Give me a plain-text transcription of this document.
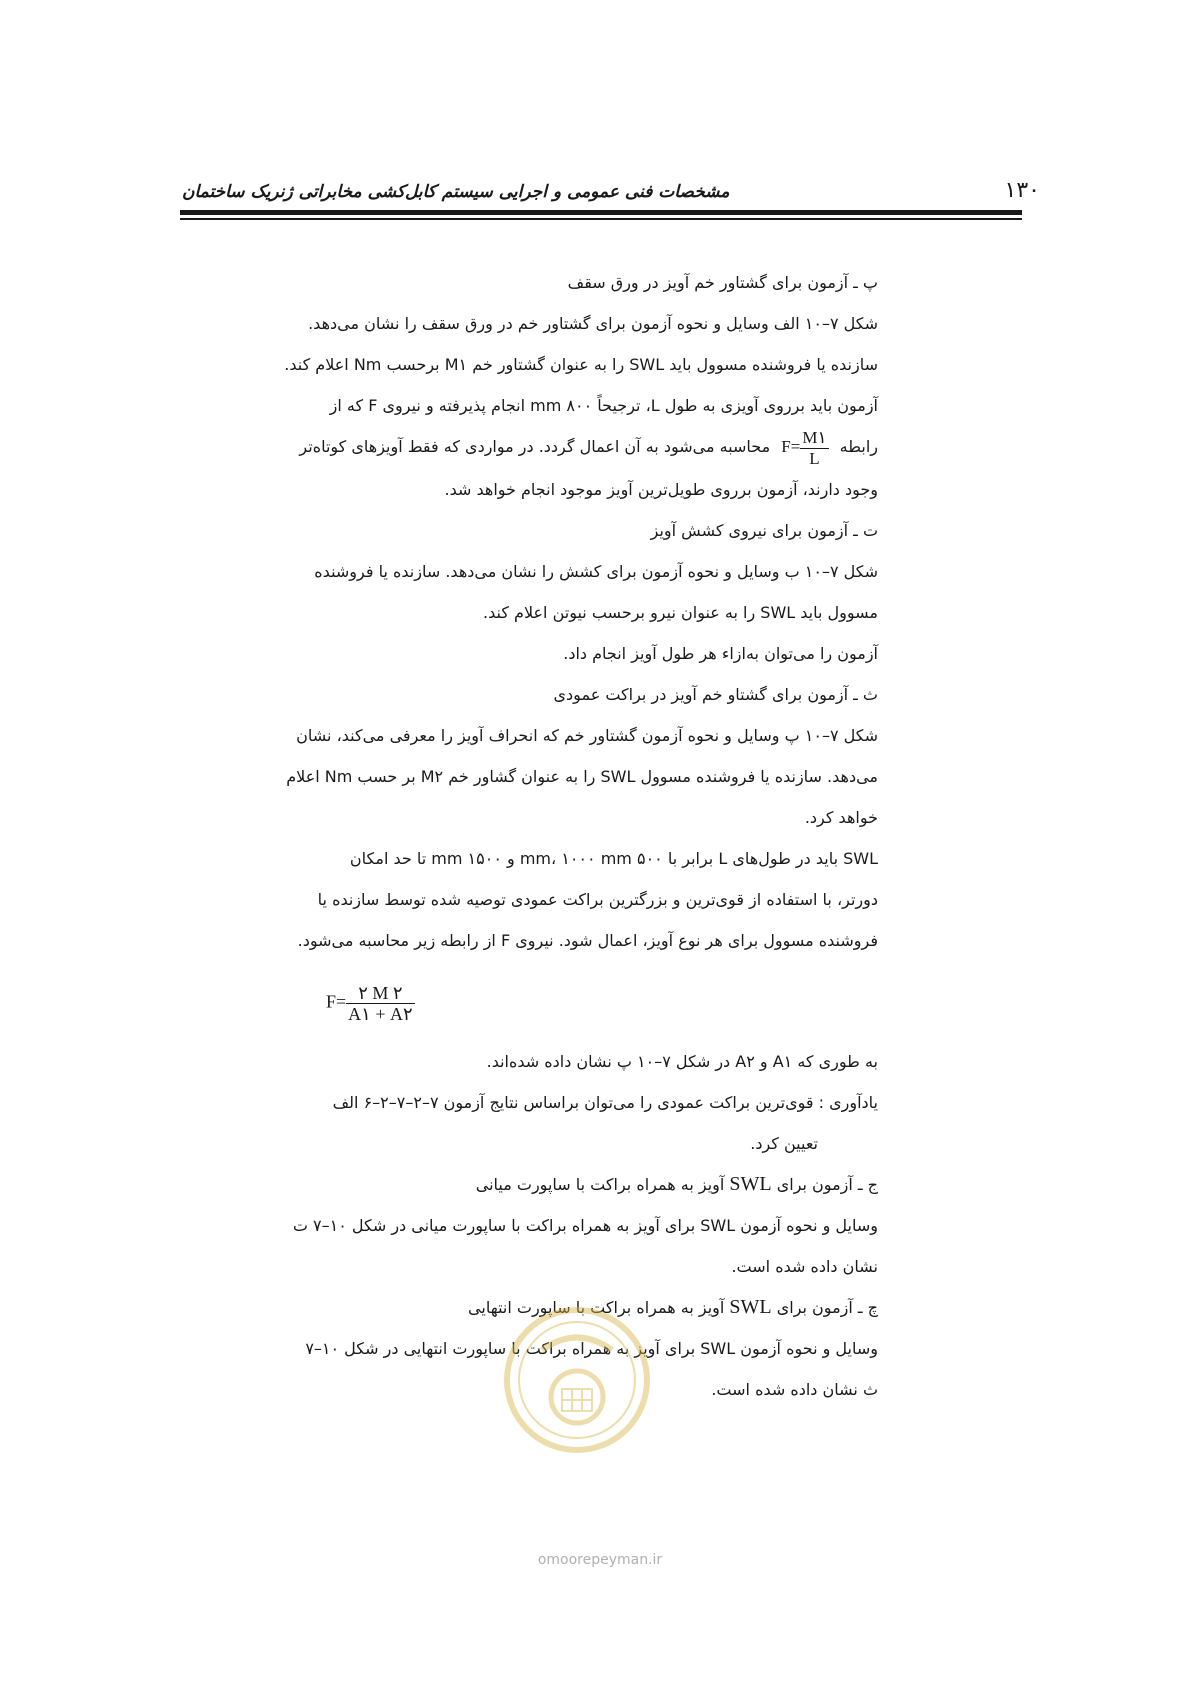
۱۳۰
مشخصات فنی عمومی و اجرایی سیستم کابل‌کشی مخابراتی ژنریک ساختمان

پ ـ آزمون برای گشتاور خم آویز در ورق سقف

شکل ۷–۱۰ الف وسایل و نحوه آزمون برای گشتاور خم در ورق سقف را نشان می‌دهد.

سازنده یا فروشنده مسوول باید SWL را به عنوان گشتاور خم M۱ برحسب Nm اعلام کند.

آزمون باید برروی آویزی به طول L، ترجیحاً ۸۰۰ mm انجام پذیرفته و نیروی F که از

رابطه $F= \frac{M۱}{L}$
محاسبه می‌شود به آن اعمال گردد. در مواردی که فقط آویزهای کوتاه‌تر

وجود دارند، آزمون برروی طویل‌ترین آویز موجود انجام خواهد شد.

ت ـ آزمون برای نیروی کشش آویز

شکل ۷–۱۰ ب وسایل و نحوه آزمون برای کشش را نشان می‌دهد. سازنده یا فروشنده

مسوول باید SWL را به عنوان نیرو برحسب نیوتن اعلام کند.

آزمون را می‌توان به‌ازاء هر طول آویز انجام داد.

ث ـ آزمون برای گشتاو خم آویز در براکت عمودی

شکل ۷–۱۰ پ وسایل و نحوه آزمون گشتاور خم که انحراف آویز را معرفی می‌کند، نشان

می‌دهد. سازنده یا فروشنده مسوول SWL را به عنوان گشاور خم M۲ بر حسب Nm اعلام

خواهد کرد.

SWL باید در طول‌های L برابر با ۵۰۰ mm، ۱۰۰۰ mm و ۱۵۰۰ mm تا حد امکان

دورتر، با استفاده از قوی‌ترین و بزرگترین براکت عمودی توصیه شده توسط سازنده یا

فروشنده مسوول برای هر نوع آویز، اعمال شود. نیروی F از رابطه زیر محاسبه می‌شود.

$F= \frac{۲ M ۲}{A۱ + A۲}$

به طوری که A۱ و A۲ در شکل ۷–۱۰ پ نشان داده شده‌اند.

یادآوری : قوی‌ترین براکت عمودی را می‌توان براساس نتایج آزمون ۷–۲–۷–۲–۶ الف

تعیین کرد.

ج ـ آزمون برای SWL آویز به همراه براکت با ساپورت میانی

وسایل و نحوه آزمون SWL برای آویز به همراه براکت با ساپورت میانی در شکل ۱۰–۷ ت

نشان داده شده است.

چ ـ آزمون برای SWL آویز به همراه براکت با ساپورت انتهایی

وسایل و نحوه آزمون SWL برای آویز به همراه براکت با ساپورت انتهایی در شکل ۱۰–۷

ث نشان داده شده است.

omoorepeyman.ir
